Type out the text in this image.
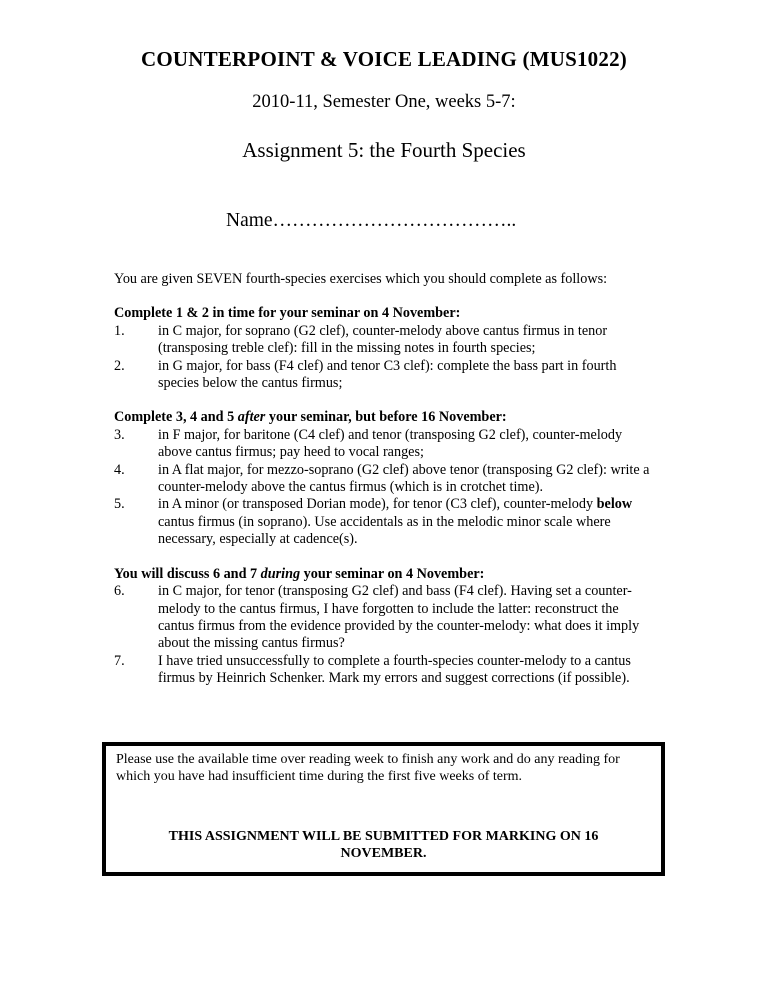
COUNTERPOINT & VOICE LEADING (MUS1022)
2010-11, Semester One, weeks 5-7:
Assignment 5: the Fourth Species
Name………………………………..

You are given SEVEN fourth-species exercises which you should complete as follows:

Complete 1 & 2 in time for your seminar on 4 November:

1.	in C major, for soprano (G2 clef), counter-melody above cantus firmus in tenor (transposing treble clef): fill in the missing notes in fourth species;
2.	in G major, for bass (F4 clef) and tenor C3 clef): complete the bass part in fourth species below the cantus firmus;

Complete 3, 4 and 5 after your seminar, but before 16 November:

3.	in F major, for baritone (C4 clef) and tenor (transposing G2 clef), counter-melody above cantus firmus; pay heed to vocal ranges;
4.	in A flat major, for mezzo-soprano (G2 clef) above tenor (transposing G2 clef): write a counter-melody above the cantus firmus (which is in crotchet time).
5.	in A minor (or transposed Dorian mode), for tenor (C3 clef), counter-melody below cantus firmus (in soprano). Use accidentals as in the melodic minor scale where necessary, especially at cadence(s).

You will discuss 6 and 7 during your seminar on 4 November:

6.	in C major, for tenor (transposing G2 clef) and bass (F4 clef). Having set a counter-melody to the cantus firmus, I have forgotten to include the latter: reconstruct the cantus firmus from the evidence provided by the counter-melody: what does it imply about the missing cantus firmus?
7.	I have tried unsuccessfully to complete a fourth-species counter-melody to a cantus firmus by Heinrich Schenker. Mark my errors and suggest corrections (if possible).

Please use the available time over reading week to finish any work and do any reading for which you have had insufficient time during the first five weeks of term.

THIS ASSIGNMENT WILL BE SUBMITTED FOR MARKING ON 16 NOVEMBER.
